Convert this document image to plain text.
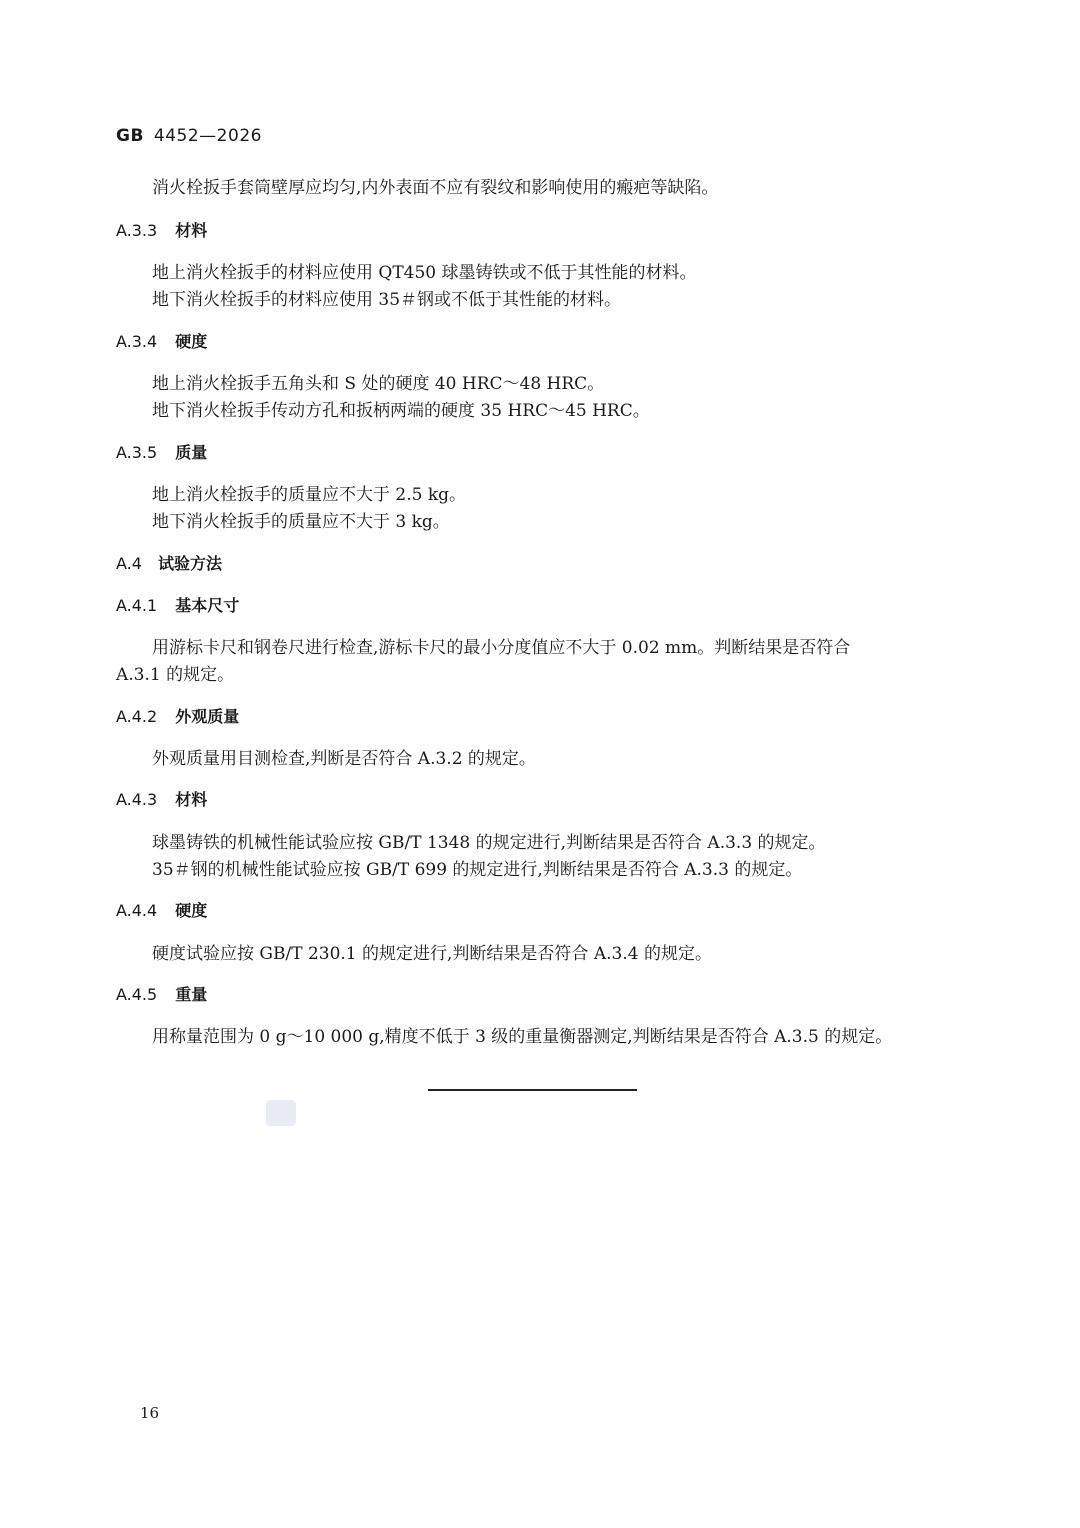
GB 4452—2026
消火栓扳手套筒壁厚应均匀,内外表面不应有裂纹和影响使用的瘢疤等缺陷。
A.3.3 材料
地上消火栓扳手的材料应使用 QT450 球墨铸铁或不低于其性能的材料。
地下消火栓扳手的材料应使用 35＃钢或不低于其性能的材料。
A.3.4 硬度
地上消火栓扳手五角头和 S 处的硬度 40 HRC～48 HRC。
地下消火栓扳手传动方孔和扳柄两端的硬度 35 HRC～45 HRC。
A.3.5 质量
地上消火栓扳手的质量应不大于 2.5 kg。
地下消火栓扳手的质量应不大于 3 kg。
A.4 试验方法
A.4.1 基本尺寸
用游标卡尺和钢卷尺进行检查,游标卡尺的最小分度值应不大于 0.02 mm。判断结果是否符合
A.3.1 的规定。
A.4.2 外观质量
外观质量用目测检查,判断是否符合 A.3.2 的规定。
A.4.3 材料
球墨铸铁的机械性能试验应按 GB/T 1348 的规定进行,判断结果是否符合 A.3.3 的规定。
35＃钢的机械性能试验应按 GB/T 699 的规定进行,判断结果是否符合 A.3.3 的规定。
A.4.4 硬度
硬度试验应按 GB/T 230.1 的规定进行,判断结果是否符合 A.3.4 的规定。
A.4.5 重量
用称量范围为 0 g～10 000 g,精度不低于 3 级的重量衡器测定,判断结果是否符合 A.3.5 的规定。
16
